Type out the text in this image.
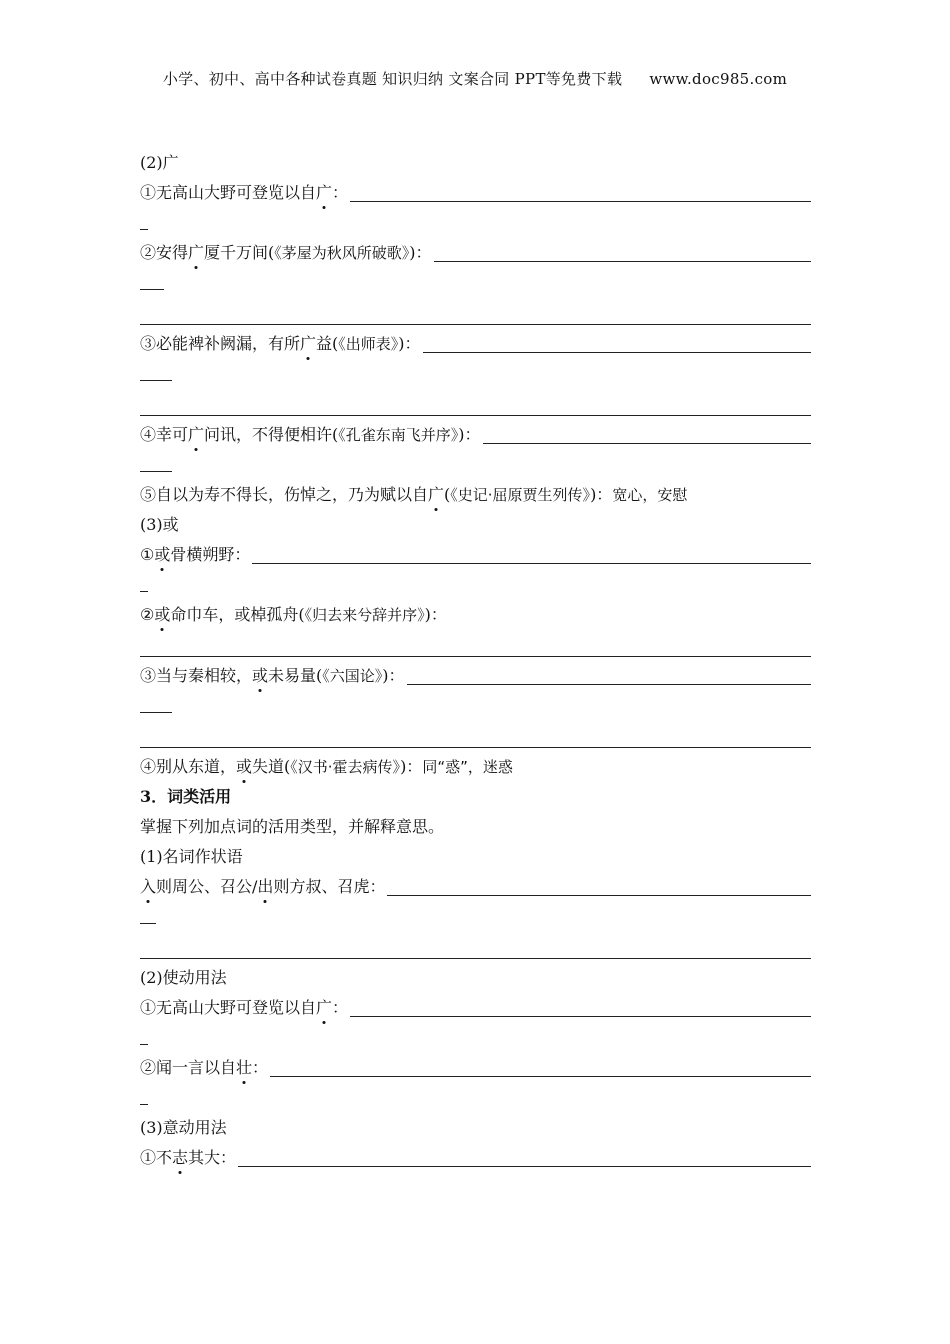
小学、初中、高中各种试卷真题 知识归纳 文案合同 PPT等免费下载 www.doc985.com
(2)广
①无高山大野可登览以自广：
②安得广厦千万间(《茅屋为秋风所破歌》)：
③必能裨补阙漏，有所广益(《出师表》)：
④幸可广问讯，不得便相许(《孔雀东南飞并序》)：
⑤自以为寿不得长，伤悼之，乃为赋以自广(《史记·屈原贾生列传》)：宽心，安慰
(3)或
①或骨横朔野：
②或命巾车，或棹孤舟(《归去来兮辞并序》)：
③当与秦相较，或未易量(《六国论》)：
④别从东道，或失道(《汉书·霍去病传》)：同“惑”，迷惑
3．词类活用
掌握下列加点词的活用类型，并解释意思。
(1)名词作状语
入则周公、召公/出则方叔、召虎：
(2)使动用法
①无高山大野可登览以自广：
②闻一言以自壮：
(3)意动用法
①不志其大：
